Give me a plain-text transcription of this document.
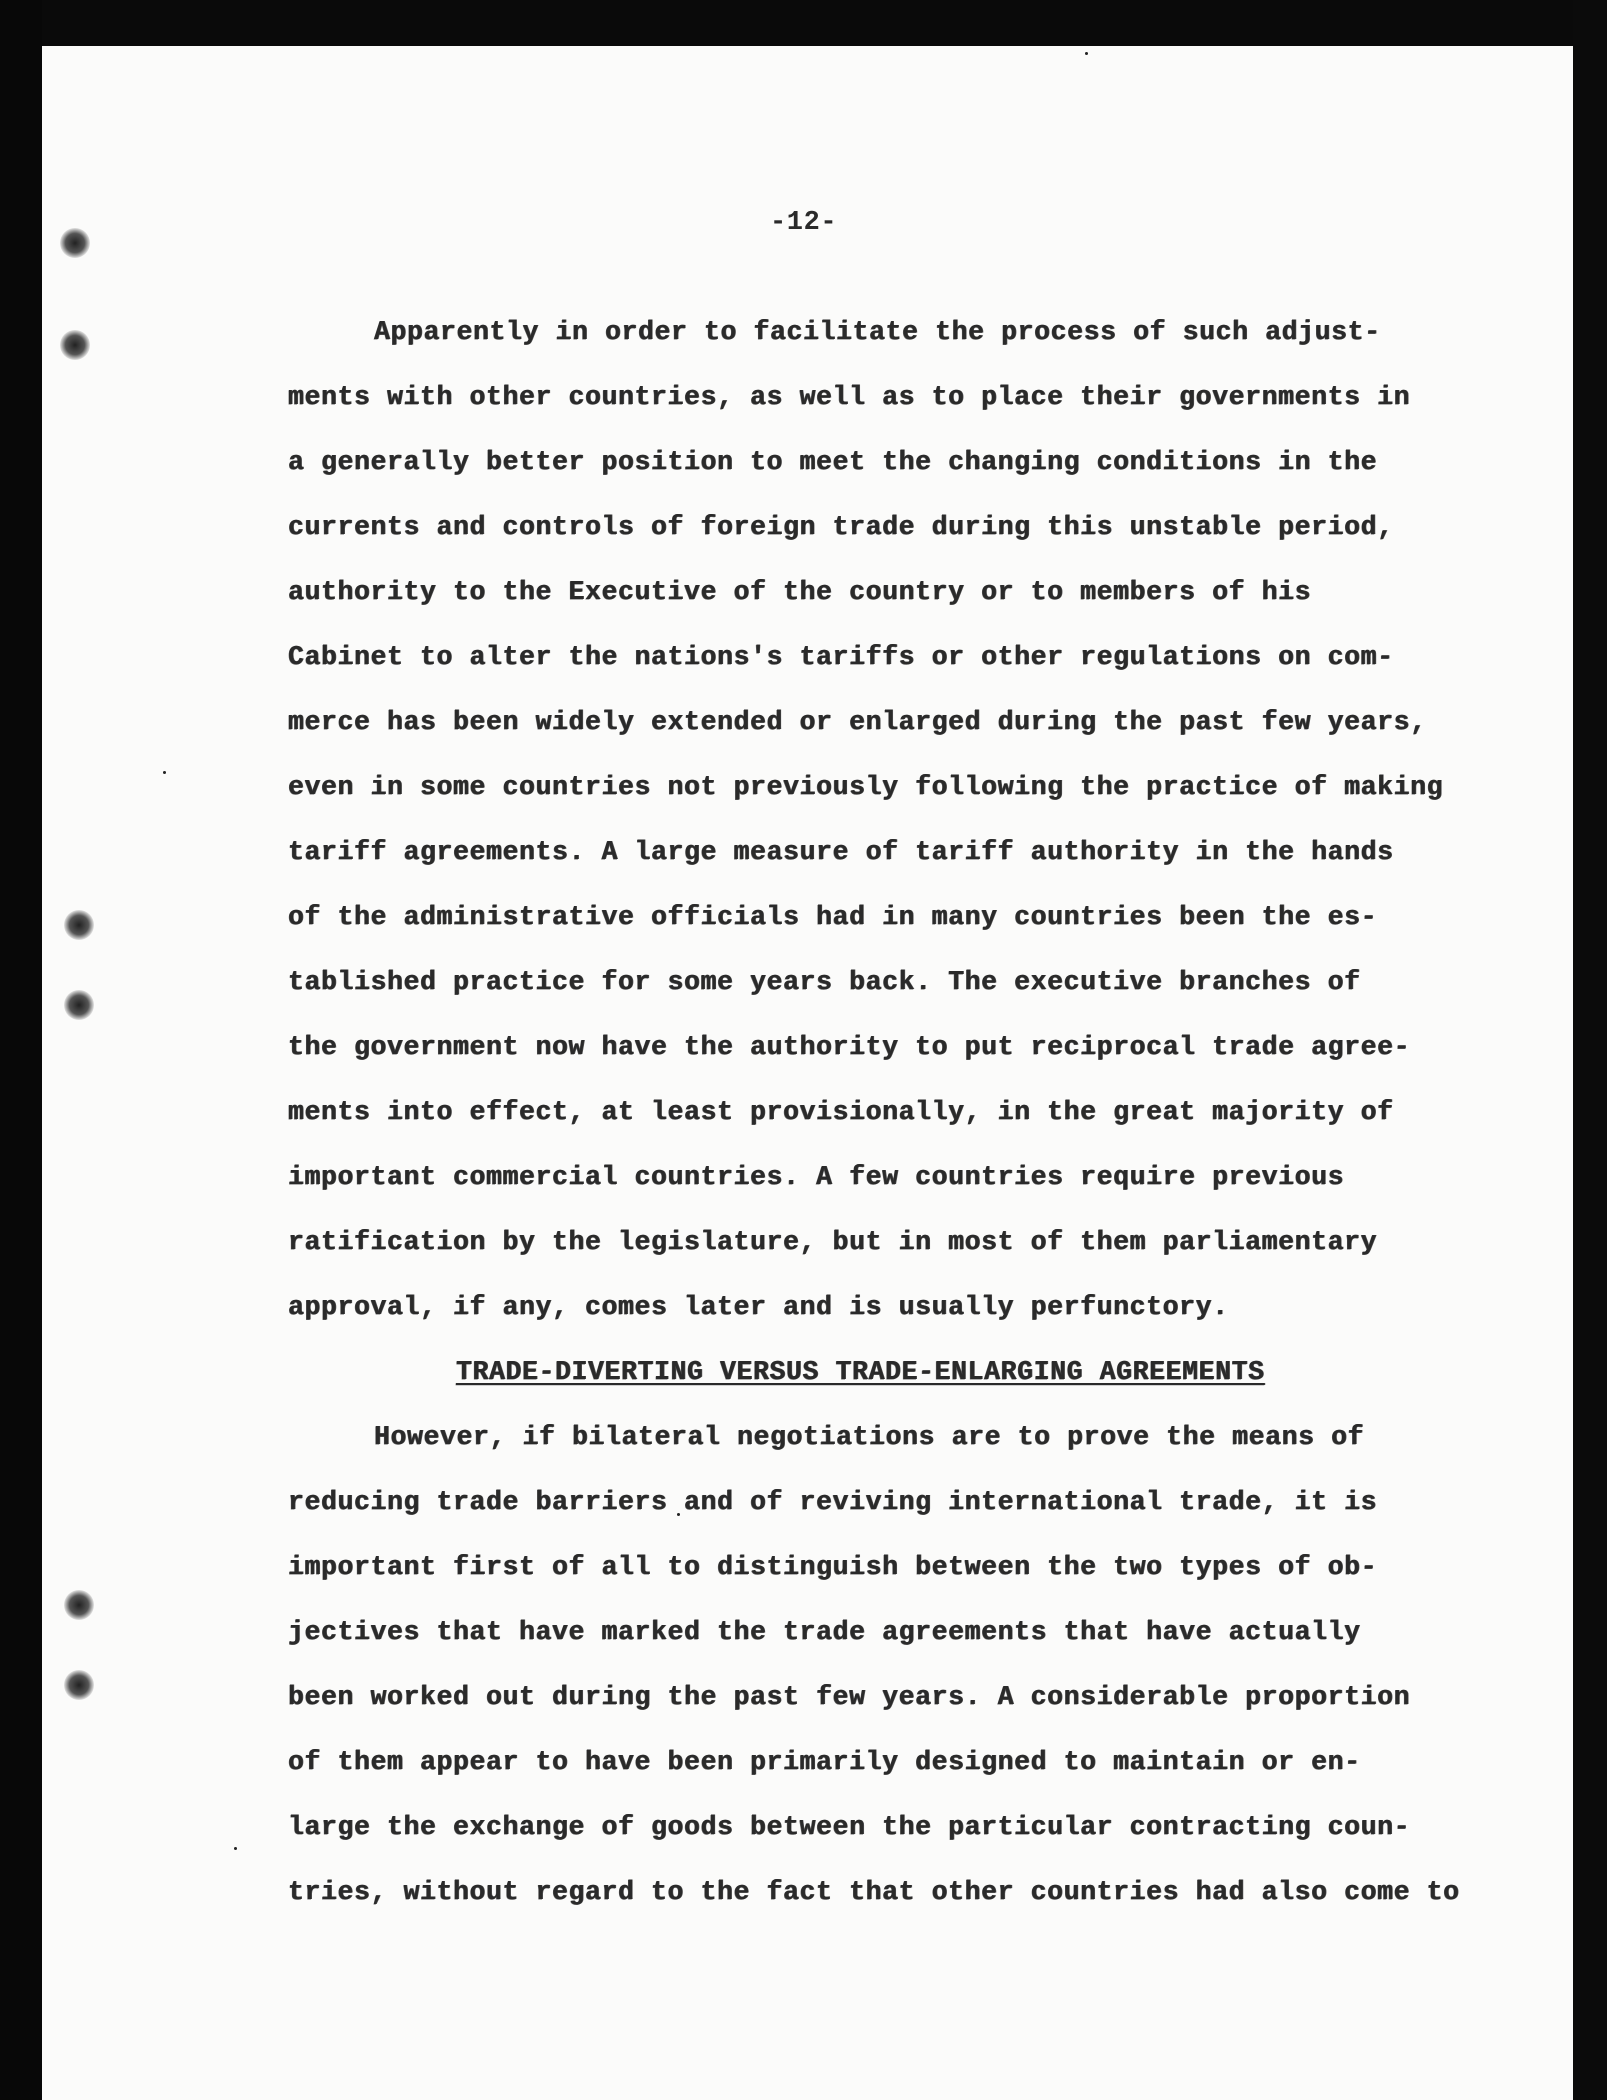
-12-
Apparently in order to facilitate the process of such adjust-
ments with other countries, as well as to place their governments in
a generally better position to meet the changing conditions in the
currents and controls of foreign trade during this unstable period,
authority to the Executive of the country or to members of his
Cabinet to alter the nations's tariffs or other regulations on com-
merce has been widely extended or enlarged during the past few years,
even in some countries not previously following the practice of making
tariff agreements. A large measure of tariff authority in the hands
of the administrative officials had in many countries been the es-
tablished practice for some years back. The executive branches of
the government now have the authority to put reciprocal trade agree-
ments into effect, at least provisionally, in the great majority of
important commercial countries. A few countries require previous
ratification by the legislature, but in most of them parliamentary
approval, if any, comes later and is usually perfunctory.
TRADE-DIVERTING VERSUS TRADE-ENLARGING AGREEMENTS
However, if bilateral negotiations are to prove the means of
reducing trade barriers and of reviving international trade, it is
important first of all to distinguish between the two types of ob-
jectives that have marked the trade agreements that have actually
been worked out during the past few years. A considerable proportion
of them appear to have been primarily designed to maintain or en-
large the exchange of goods between the particular contracting coun-
tries, without regard to the fact that other countries had also come to
